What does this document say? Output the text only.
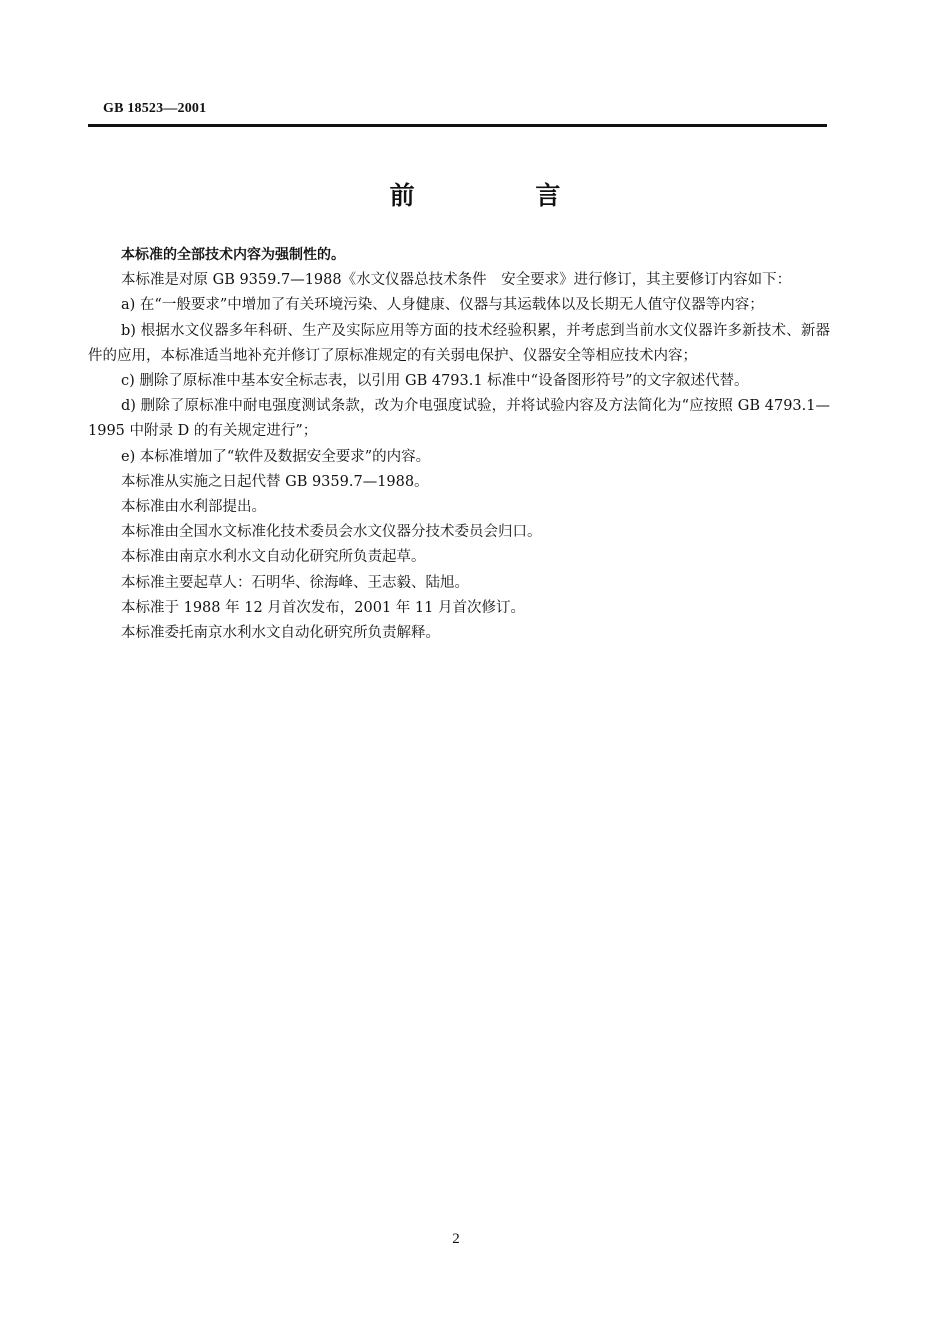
GB 18523—2001
前 言

本标准的全部技术内容为强制性的。

本标准是对原 GB 9359.7—1988《水文仪器总技术条件　安全要求》进行修订，其主要修订内容如下：

a) 在“一般要求”中增加了有关环境污染、人身健康、仪器与其运载体以及长期无人值守仪器等内容；

b) 根据水文仪器多年科研、生产及实际应用等方面的技术经验积累，并考虑到当前水文仪器许多新技术、新器件的应用，本标准适当地补充并修订了原标准规定的有关弱电保护、仪器安全等相应技术内容；

c) 删除了原标准中基本安全标志表，以引用 GB 4793.1 标准中“设备图形符号”的文字叙述代替。

d) 删除了原标准中耐电强度测试条款，改为介电强度试验，并将试验内容及方法简化为“应按照 GB 4793.1—1995 中附录 D 的有关规定进行”；

e) 本标准增加了“软件及数据安全要求”的内容。

本标准从实施之日起代替 GB 9359.7—1988。

本标准由水利部提出。

本标准由全国水文标准化技术委员会水文仪器分技术委员会归口。

本标准由南京水利水文自动化研究所负责起草。

本标准主要起草人：石明华、徐海峰、王志毅、陆旭。

本标准于 1988 年 12 月首次发布，2001 年 11 月首次修订。

本标准委托南京水利水文自动化研究所负责解释。

2
